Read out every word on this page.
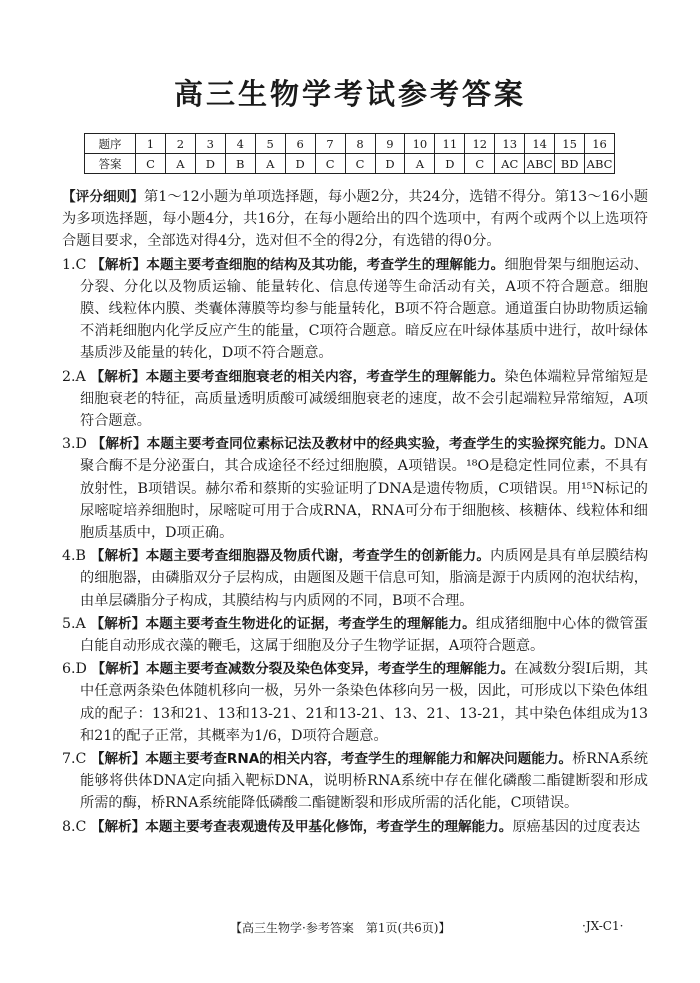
高三生物学考试参考答案
题序	1	2	3	4	5	6	7	8	9	10	11	12	13	14	15	16
答案	C	A	D	B	A	D	C	C	D	A	D	C	AC	ABC	BD	ABC

【评分细则】第1～12小题为单项选择题，每小题2分，共24分，选错不得分。第13～16小题为多项选择题，每小题4分，共16分，在每小题给出的四个选项中，有两个或两个以上选项符合题目要求，全部选对得4分，选对但不全的得2分，有选错的得0分。

1.C 【解析】本题主要考查细胞的结构及其功能，考查学生的理解能力。细胞骨架与细胞运动、分裂、分化以及物质运输、能量转化、信息传递等生命活动有关，A项不符合题意。细胞膜、线粒体内膜、类囊体薄膜等均参与能量转化，B项不符合题意。通道蛋白协助物质运输不消耗细胞内化学反应产生的能量，C项符合题意。暗反应在叶绿体基质中进行，故叶绿体基质涉及能量的转化，D项不符合题意。

2.A 【解析】本题主要考查细胞衰老的相关内容，考查学生的理解能力。染色体端粒异常缩短是细胞衰老的特征，高质量透明质酸可减缓细胞衰老的速度，故不会引起端粒异常缩短，A项符合题意。

3.D 【解析】本题主要考查同位素标记法及教材中的经典实验，考查学生的实验探究能力。DNA聚合酶不是分泌蛋白，其合成途径不经过细胞膜，A项错误。¹⁸O是稳定性同位素，不具有放射性，B项错误。赫尔希和蔡斯的实验证明了DNA是遗传物质，C项错误。用¹⁵N标记的尿嘧啶培养细胞时，尿嘧啶可用于合成RNA，RNA可分布于细胞核、核糖体、线粒体和细胞质基质中，D项正确。

4.B 【解析】本题主要考查细胞器及物质代谢，考查学生的创新能力。内质网是具有单层膜结构的细胞器，由磷脂双分子层构成，由题图及题干信息可知，脂滴是源于内质网的泡状结构，由单层磷脂分子构成，其膜结构与内质网的不同，B项不合理。

5.A 【解析】本题主要考查生物进化的证据，考查学生的理解能力。组成猪细胞中心体的微管蛋白能自动形成衣藻的鞭毛，这属于细胞及分子生物学证据，A项符合题意。

6.D 【解析】本题主要考查减数分裂及染色体变异，考查学生的理解能力。在减数分裂Ⅰ后期，其中任意两条染色体随机移向一极，另外一条染色体移向另一极，因此，可形成以下染色体组成的配子：13和21、13和13-21、21和13-21、13、21、13-21，其中染色体组成为13和21的配子正常，其概率为1/6，D项符合题意。

7.C 【解析】本题主要考查RNA的相关内容，考查学生的理解能力和解决问题能力。桥RNA系统能够将供体DNA定向插入靶标DNA，说明桥RNA系统中存在催化磷酸二酯键断裂和形成所需的酶，桥RNA系统能降低磷酸二酯键断裂和形成所需的活化能，C项错误。

8.C 【解析】本题主要考查表观遗传及甲基化修饰，考查学生的理解能力。原癌基因的过度表达

【高三生物学·参考答案　第1页(共6页)】	·JX-C1·
